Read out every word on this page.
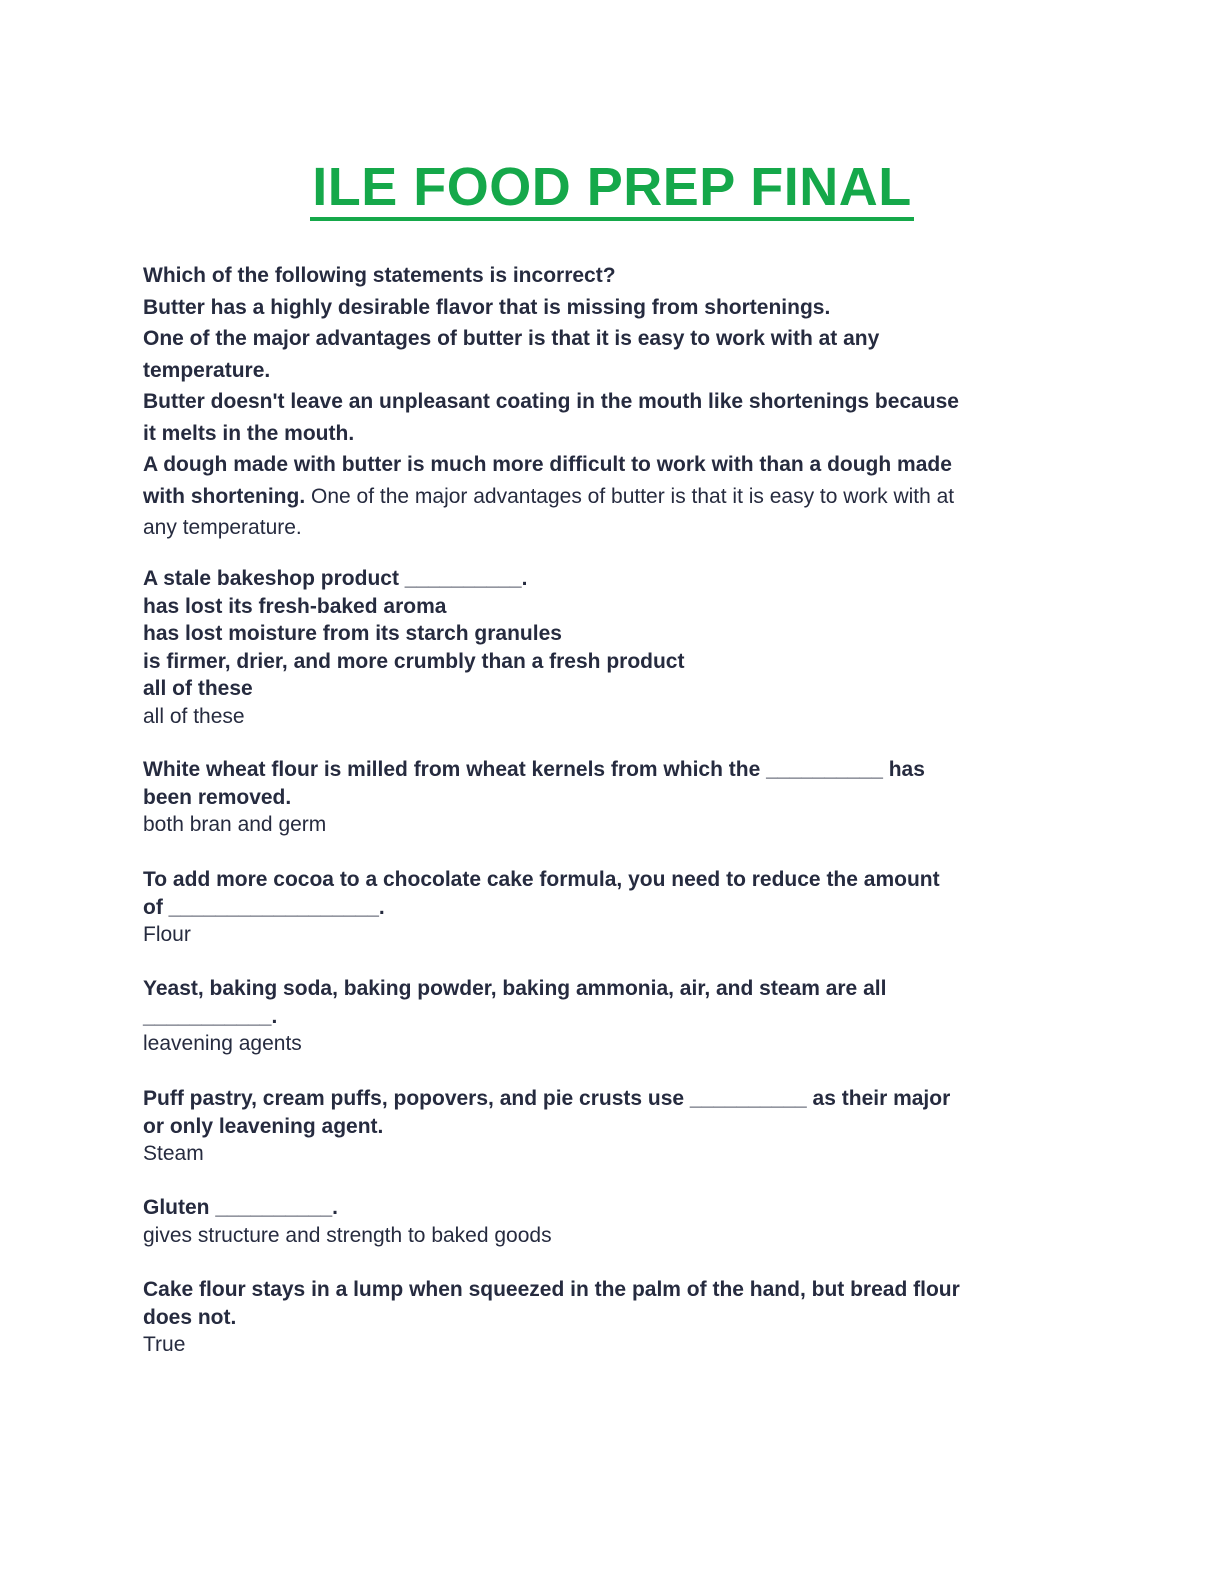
ILE FOOD PREP FINAL
Which of the following statements is incorrect?
Butter has a highly desirable flavor that is missing from shortenings.
One of the major advantages of butter is that it is easy to work with at any
temperature.
Butter doesn't leave an unpleasant coating in the mouth like shortenings because
it melts in the mouth.
A dough made with butter is much more difficult to work with than a dough made
with shortening. One of the major advantages of butter is that it is easy to work with at
any temperature.
A stale bakeshop product __________.
has lost its fresh-baked aroma
has lost moisture from its starch granules
is firmer, drier, and more crumbly than a fresh product
all of these
all of these
White wheat flour is milled from wheat kernels from which the __________ has
been removed.
both bran and germ
To add more cocoa to a chocolate cake formula, you need to reduce the amount
of __________________.
Flour
Yeast, baking soda, baking powder, baking ammonia, air, and steam are all
___________.
leavening agents
Puff pastry, cream puffs, popovers, and pie crusts use __________ as their major
or only leavening agent.
Steam
Gluten __________.
gives structure and strength to baked goods
Cake flour stays in a lump when squeezed in the palm of the hand, but bread flour
does not.
True
